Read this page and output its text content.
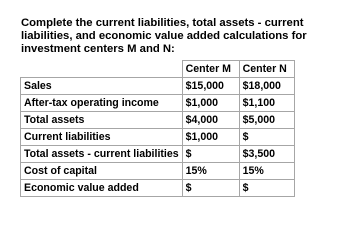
Complete the current liabilities, total assets - current
liabilities, and economic value added calculations for
investment centers M and N:
	Center M	Center N
Sales	$15,000	$18,000
After-tax operating income	$1,000	$1,100
Total assets	$4,000	$5,000
Current liabilities	$1,000	$
Total assets - current liabilities	$	$3,500
Cost of capital	15%	15%
Economic value added	$	$
